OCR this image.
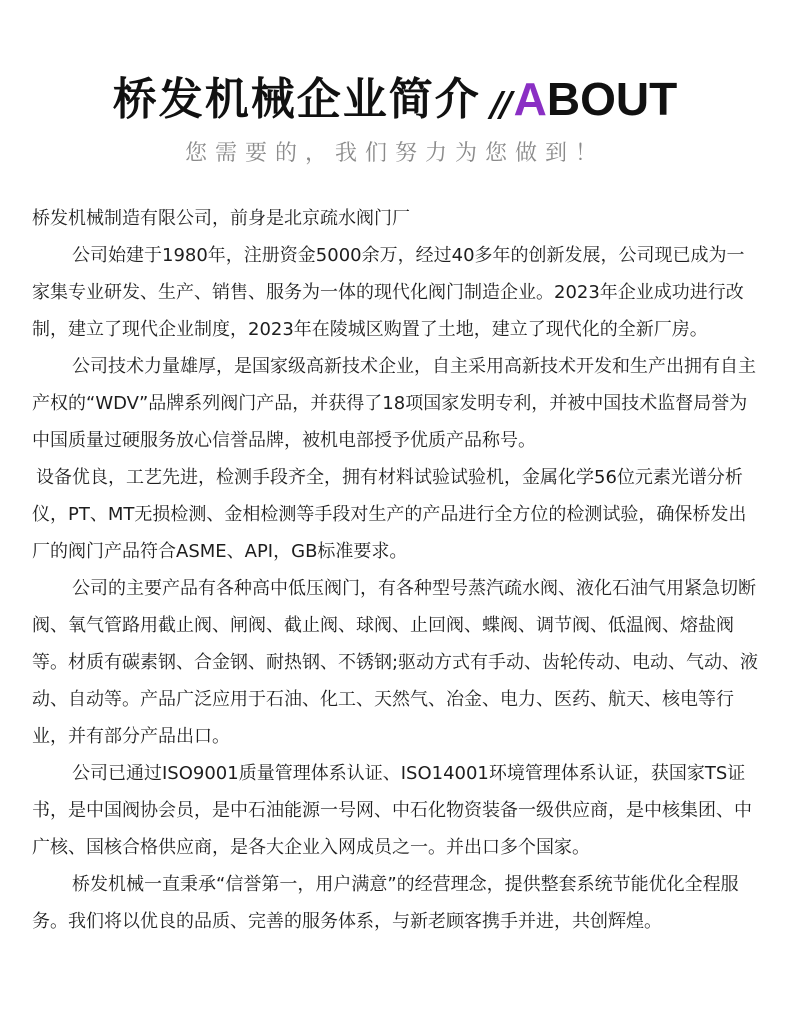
桥发机械企业简介 // A BOUT
您需要的，我们努力为您做到！

桥发机械制造有限公司，前身是北京疏水阀门厂

公司始建于1980年，注册资金5000余万，经过40多年的创新发展，公司现已成为一家集专业研发、生产、销售、服务为一体的现代化阀门制造企业。2023年企业成功进行改制，建立了现代企业制度，2023年在陵城区购置了土地，建立了现代化的全新厂房。

公司技术力量雄厚，是国家级高新技术企业，自主采用高新技术开发和生产出拥有自主产权的“WDV”品牌系列阀门产品，并获得了18项国家发明专利，并被中国技术监督局誉为中国质量过硬服务放心信誉品牌，被机电部授予优质产品称号。

设备优良，工艺先进，检测手段齐全，拥有材料试验试验机，金属化学56位元素光谱分析仪，PT、MT无损检测、金相检测等手段对生产的产品进行全方位的检测试验，确保桥发出厂的阀门产品符合ASME、API，GB标准要求。

公司的主要产品有各种高中低压阀门，有各种型号蒸汽疏水阀、液化石油气用紧急切断阀、氧气管路用截止阀、闸阀、截止阀、球阀、止回阀、蝶阀、调节阀、低温阀、熔盐阀等。材质有碳素钢、合金钢、耐热钢、不锈钢;驱动方式有手动、齿轮传动、电动、气动、液动、自动等。产品广泛应用于石油、化工、天然气、冶金、电力、医药、航天、核电等行业，并有部分产品出口。

公司已通过ISO9001质量管理体系认证、ISO14001环境管理体系认证，获国家TS证书，是中国阀协会员，是中石油能源一号网、中石化物资装备一级供应商，是中核集团、中广核、国核合格供应商，是各大企业入网成员之一。并出口多个国家。

桥发机械一直秉承“信誉第一，用户满意”的经营理念，提供整套系统节能优化全程服务。我们将以优良的品质、完善的服务体系，与新老顾客携手并进，共创辉煌。
